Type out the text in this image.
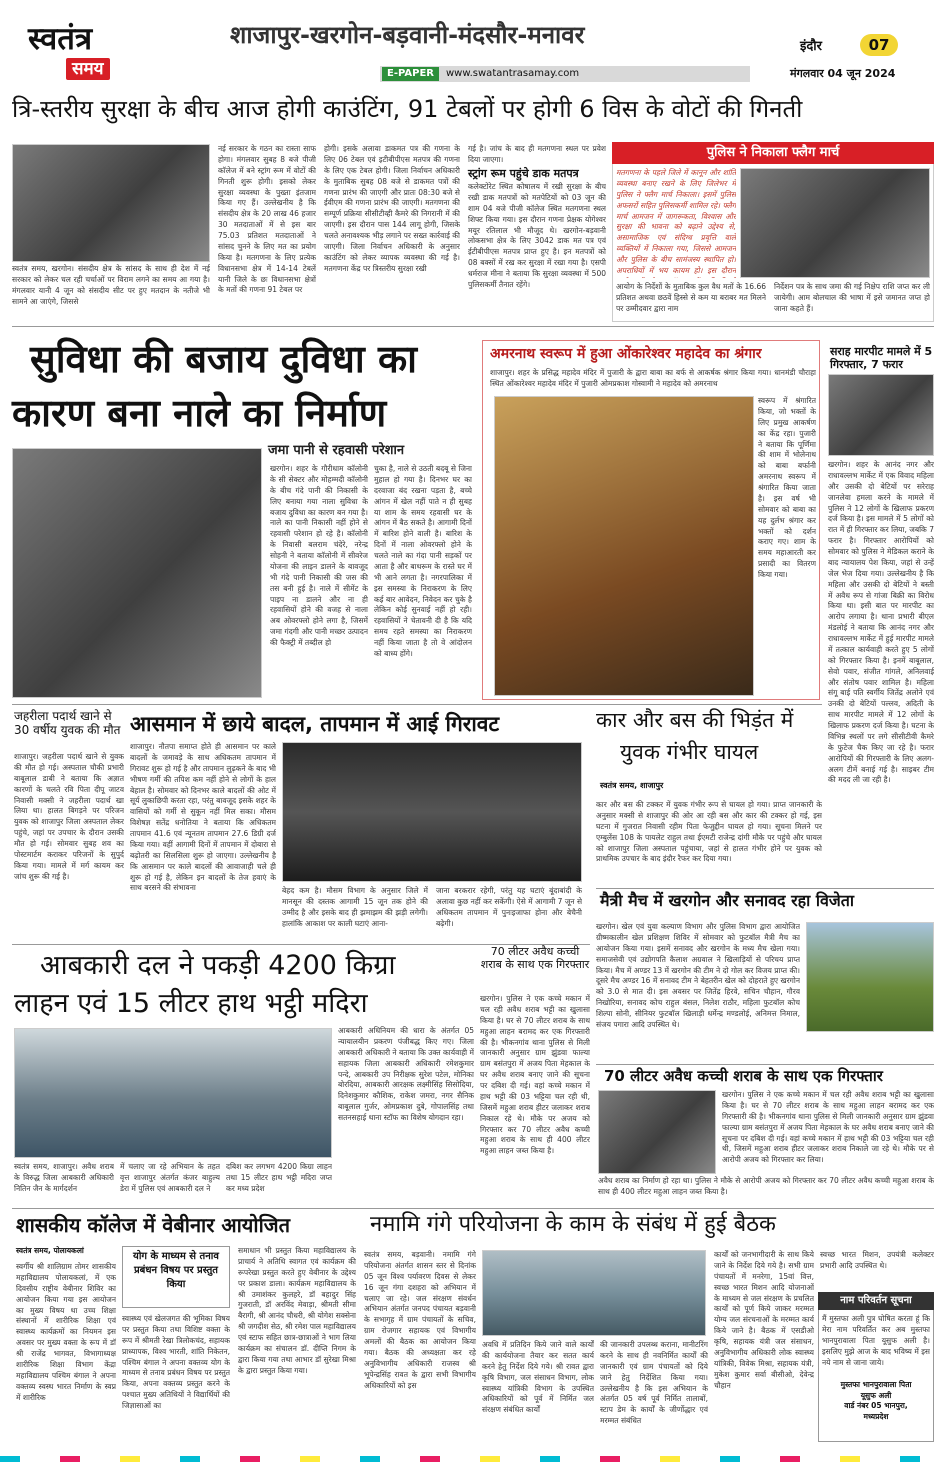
स्वतंत्र
समय
शाजापुर-खरगोन-बड़वानी-मंदसौर-मनावर	इंदौर	07
E-PAPER	www.swatantrasamay.com	मंगलवार 04 जून 2024
त्रि-स्तरीय सुरक्षा के बीच आज होगी काउंटिंग, 91 टेबलों पर होगी 6 विस के वोटों की गिनती
स्वतंत्र समय, खरगोन। संसदीय क्षेत्र के सांसद के साथ ही देश में नई सरकार को लेकर चल रही चर्चाओं पर विराम लगने का समय आ गया है। मंगलवार यानी 4 जून को संसदीय सीट पर हुए मतदान के नतीजे भी सामने आ जाएंगे, जिससे
नई सरकार के गठन का रास्ता साफ होगा। मंगलवार सुबह 8 बजे पीजी कॉलेज में बने स्ट्रांग रूम में वोटों की गिनती शुरू होगी। इसको लेकर सुरक्षा व्यवस्था के पुख्ता इंतजाम किया गए हैं। उल्लेखनीय है कि संसदीय क्षेत्र के 20 लाख 46 हजार 30 मतदाताओं में से इस बार 75.03 प्रतिशत मतदाताओं ने सांसद चुनने के लिए मत का प्रयोग किया है। मतगणना के लिए प्रत्येक विधानसभा क्षेत्र में 14-14 टेबलें यानी जिले के छः विधानसभा क्षेत्रों के मतों की गणना 91 टेबल पर
होगी। इसके अलावा डाकमत पत्र की गणना के लिए 06 टेबल एवं इटीबीपीएस मतपत्र की गणना के लिए एक टेबल होगी। जिला निर्वाचन अधिकारी के मुताबिक सुबह 08 बजे से डाकमत पत्रों की गणना प्रारंभ की जाएगी और प्रातः 08:30 बजे से ईवीएम की गणना प्रारंभ की जाएगी। मतगणना की सम्पूर्ण प्रक्रिया सीसीटीव्ही कैमरे की निगरानी में की जाएगी। इस दौरान पास 144 लागू होगी, जिसके चलते अनावश्यक भीड़ लगाने पर सख्त कार्रवाई की जाएगी। जिला निर्वाचन अधिकारी के अनुसार काउंटिंग को लेकर व्यापक व्यवस्था की गई है। मतगणना केंद्र पर त्रिस्तरीय सुरक्षा रखी
गई है। जांच के बाद ही मतगणना स्थल पर प्रवेश दिया जाएगा।
स्ट्रांग रूम पहुंचे डाक मतपत्र
कलेक्टोरेट स्थित कोषालय में रखी सुरक्षा के बीच रखी डाक मतपत्रों को मतपेटियों को 03 जून की शाम 04 बजे पीजी कॉलेज स्थित मतगणना स्थल शिफ्ट किया गया। इस दौरान गणना प्रेक्षक योगेश्वर मयूर रतिलाल भी मौजूद थे। खरगोन-बड़वानी लोकसभा क्षेत्र के लिए 3042 डाक मत पत्र एवं ईटीबीपीएस मतपत्र प्राप्त हुए है। इन मतपत्रों को 08 बक्सों में रख कर सुरक्षा में रखा गया है। एसपी धर्मराज मीना ने बताया कि सुरक्षा व्यवस्था में 500 पुलिसकर्मी तैनात रहेंगे।
पुलिस ने निकाला फ्लैग मार्च
मतगणना के पहले जिले में कानून और शांति व्यवस्था बनाए रखने के लिए जिलेभर में पुलिस ने फ्लैग मार्च निकाला। इसमें पुलिस अफसरों सहित पुलिसकर्मी शामिल रहे। फ्लैग मार्च आमजन में जागरूकता, विश्वास और सुरक्षा की भावना को बढ़ाने उद्देश्य से, असामाजिक एवं संदिग्ध प्रवृत्ति वाले व्यक्तियों में निकाला गया, जिससे आमजन और पुलिस के बीच सामंजस्य स्थापित हो। अपराधियों में भय कायम हो। इस दौरान
आयोग के निर्देशों के मुताबिक कुल वैध मतों के 16.66 प्रतिशत अथवा छठवें हिस्से से कम या बराबर मत मिलने पर उम्मीदवार द्वारा नाम
निर्देशन पत्र के साथ जमा की गई निक्षेप राशि जप्त कर ली जायेगी। आम बोलचाल की भाषा में इसे जमानत जप्त हो जाना कहते हैं।
सुविधा की बजाय दुविधा का
कारण बना नाले का निर्माण
जमा पानी से रहवासी परेशान
खरगोन। शहर के गौरीधाम कॉलोनी के सी सेक्टर और मोहम्मदी कॉलोनी के बीच गंदे पानी की निकासी के लिए बनाया गया नाला सुविधा के बजाय दुविधा का कारण बन गया है। नाले का पानी निकासी नहीं होने से रहवासी परेशान हो रहे है। कॉलोनी के निवासी बलराम चंदेरे, नरेन्द्र सोहनी ने बताया कॉलोनी में सीवरेज योजना की लाइन डालने के बावजूद भी गंदे पानी निकासी की जस की तस बनी हुई है। नाले में सीमेंट के पाइप ना डालने और ना ही रहवासियों होने की वजह से नाला अब ओवरफ्लो होने लगा है, जिसमें जमा गंदगी और पानी मच्छर उत्पादन की फैक्ट्री में तब्दील हो
चुका है, नाले से उठती बदबू से जिना मुहाल हो गया है। दिनभर घर का दरवाजा बंद रखना पड़ता है, बच्चे आंगन में खेल नहीं पाते न ही सुबह या शाम के समय रहवासी घर के आंगन में बैठ सकते है। आगामी दिनों में बारिश होने वाली है। बारिश के दिनों में नाला ओवरफ्लो होने के चलते नाले का गंदा पानी सड़कों पर आता है और बाथरूम के रास्ते घर में भी आने लगता है। नगरपालिका में इस समस्या के निराकरण के लिए कई बार आवेदन, निवेदन कर चुके है लेकिन कोई सुनवाई नहीं हो रही। रहवासियों ने चेतावनी दी है कि यदि समय रहते समस्या का निराकरण नहीं किया जाता है तो वे आंदोलन को बाध्य होंगे।
अमरनाथ स्वरूप में हुआ ओंकारेश्वर महादेव का श्रंगार
शाजापुर। शहर के प्रसिद्ध महादेव मंदिर में पुजारी के द्वारा बाबा का बर्फ से आकर्षक श्रंगार किया गया। धानमंडी चौराहा स्थित ओंकारेश्वर महादेव मंदिर में पुजारी ओमप्रकाश गोस्वामी ने महादेव को अमरनाथ
स्वरूप में श्रंगारित किया, जो भक्तों के लिए प्रमुख आकर्षण का केंद्र रहा। पुजारी ने बताया कि पूर्णिमा की शाम में भोलेनाथ को बाबा बर्फानी अमरनाथ स्वरूप में श्रंगारित किया जाता है। इस वर्ष भी सोमवार को बाबा का यह दुर्लभ श्रंगार कर भक्तों को दर्शन कराए गए। शाम के समय महाआरती कर प्रसादी का वितरण किया गया।
सराह मारपीट मामले में 5 गिरफ्तार, 7 फरार
खरगोन। शहर के आनंद नगर और राधावल्लभ मार्केट में एक विवाद महिला और उसकी दो बेटियों पर सरेराह जानलेवा हमला करने के मामले में पुलिस ने 12 लोगों के खिलाफ प्रकरण दर्ज किया है। इस मामले में 5 लोगों को रात में ही गिरफ्तार कर लिया, जबकि 7 फरार है। गिरफ्तार आरोपियों को सोमवार को पुलिस ने मेडिकल कराने के बाद न्यायालय पेश किया, जहां से उन्हें जेल भेज दिया गया। उल्लेखनीय है कि महिला और उसकी दो बेटियों ने बस्ती में अवैध रूप से गांजा बिक्री का विरोध किया था। इसी बात पर मारपीट का आरोप लगाया है। थाना प्रभारी बीएल मंडलोई ने बताया कि आनंद नगर और राधावल्लभ मार्केट में हुई मारपीट मामले में तत्काल कार्यवाही करते हुए 5 लोगों को गिरफ्तार किया है। इनमें बाबूलाल, सेवो पवार, संजीत गांगले, अनिलवाई और संतोष पवार शामिल है। महिला संगू बाई पति स्वर्गीय जितेंद्र अलोने एवं उनकी दो बेटियों पल्लव, अदिती के साथ मारपीट मामले में 12 लोगों के खिलाफ प्रकरण दर्ज किया है। घटना के विभिन्न स्थलों पर लगे सीसीटीवी कैमरे के फुटेज चैक किए जा रहे है। फरार आरोपियों की गिरफ्तारी के लिए अलग-अलग टीमें बनाई गई है। साइबर टीम की मदद ली जा रही है।
जहरीला पदार्थ खाने से 30 वर्षीय युवक की मौत
शाजापुर। जहरीला पदार्थ खाने से युवक की मौत हो गई। अस्पताल चौकी प्रभारी बाबूलाल डाबी ने बताया कि अज्ञात कारणों के चलते रवि पिता दीपू जाटव निवासी मक्सी ने जहरीला पदार्थ खा लिया था। हालत बिगड़ने पर परिजन युवक को शाजापुर जिला अस्पताल लेकर पहुंचे, जहां पर उपचार के दौरान उसकी मौत हो गई। सोमवार सुबह शव का पोस्टमार्टम कराकर परिजनों के सुपुर्द किया गया। मामले में मर्ग कायम कर जांच शुरू की गई है।
आसमान में छाये बादल, तापमान में आई गिरावट
शाजापुर। नौतपा समाप्त होते ही आसमान पर काले बादलों के जमावड़े के साथ अधिकतम तापमान में गिरावट शुरू हो गई है और तापमान लुढ़कने के बाद भी भीषण गर्मी की तपिश कम नहीं होने से लोगों के हाल बेहाल है। सोमवार को दिनभर काले बादलों की ओट में सूर्य लुकाछिपी करता रहा, परंतु बावजूद इसके शहर के वासियों को गर्मी से सुकून नहीं मिल सका। मौसम विशेषज्ञ सतेंद्र धनोतिया ने बताया कि अधिकतम तापमान 41.6 एवं न्यूनतम तापमान 27.6 डिग्री दर्ज किया गया। वहीं आगामी दिनों में तापमान में दोबारा से बढ़ोतरी का सिलसिला शुरू हो जाएगा। उल्लेखनीय है कि आसमान पर काले बादलों की आवाजाही चले ही शुरू हो गई है, लेकिन इन बादलों के तेज हवाएं के साथ बरसने की संभावना	बेहद कम है। मौसम विभाग के अनुसार जिले में मानसून की दस्तक आगामी 15 जून तक होने की उम्मीद है और इसके बाद ही झमाझम की झड़ी लगेगी। हालांकि आकाश पर काली घटाएं आना-
जाना बरकरार रहेगी, परंतु यह घटाएं बूंदाबांदी के अलावा कुछ नहीं कर सकेंगी। ऐसे में आगामी 7 जून से अधिकतम तापमान में पुनःइजाफा होना और बेचैनी बढ़ेगी।
कार और बस की भिड़ंत में
युवक गंभीर घायल
स्वतंत्र समय, शाजापुर
कार और बस की टक्कर में युवक गंभीर रूप से घायल हो गया। प्राप्त जानकारी के अनुसार मक्सी से शाजापुर की ओर आ रही बस और कार की टक्कर हो गई, इस घटना में गुजरात निवासी रहीम पिता फेजुद्दीन घायल हो गया। सूचना मिलने पर एम्बुलेंस 108 के पायलेट राहुल तथा ईएमटी राजेन्द्र दांगी मौके पर पहुंचे और घायल को शाजापुर जिला अस्पताल पहुंचाया, जहां से हालत गंभीर होने पर युवक को प्राथमिक उपचार के बाद इंदौर रैफर कर दिया गया।
मैत्री मैच में खरगोन और सनावद रहा विजेता
खरगोन। खेल एवं युवा कल्याण विभाग और पुलिस विभाग द्वारा आयोजित ग्रीष्मकालीन खेल प्रशिक्षण शिविर में सोमवार को फुटबॉल मैत्री मैच का आयोजन किया गया। इसमें सनावद और खरगोन के मध्य मैच खेला गया। समाजसेवी एवं उद्योगपति कैलाश अग्रवाल ने खिलाड़ियों से परिचय प्राप्त किया। मैच में अण्डर 13 में खरगोन की टीम ने दो गोल कर विजय प्राप्त की। दूसरे मैच अण्डर 16 में सनावद टीम ने बेहतरीन खेल को दोहराते हुए खरगोन को 3.0 से मात दी। इस अवसर पर जितेंद्र हिरवे, सचिन चौहान, गौरव निखोरिया, सनावद कोच राहुल बंसल, निलेश राठौर, महिला फुटबॉल कोच शिल्पा सोनी, सीनियर फुटबॉल खिलाड़ी धर्मेन्द्र मण्डलोई, अनिमत्त निमाल, संजय पगारा आदि उपस्थित थे।
आबकारी दल ने पकड़ी 4200 किग्रा
लाहन एवं 15 लीटर हाथ भट्ठी मदिरा
आबकारी अधिनियम की धारा के अंतर्गत 05 न्यायालयीन प्रकरण पंजीबद्ध किए गए। जिला आबकारी अधिकारी ने बताया कि उक्त कार्यवाही में सहायक जिला आबकारी अधिकारी रमेशकुमार पन्दे, आबकारी उप निरीक्षक सुरेश पटेल, मोनिका बोरदिया, आबकारी आरक्षक लक्ष्मीसिंह सिसोदिया, दिनेशकुमार कौशिक, राकेश जमरा, नगर सैनिक बाबूलाल गुर्जर, ओमप्रकाश दुबे, गोपालसिंह तथा सतनसहाई थाना स्टॉफ का विशेष योगदान रहा।
स्वतंत्र समय, शाजापुर। अवैध शराब के विरुद्ध जिला आबकारी अधिकारी नितिन जैन के मार्गदर्शन
में चलाए जा रहे अभियान के तहत वृत्त शाजापुर अंतर्गत कंजर बाहुल्य डेरा में पुलिस एवं आबकारी दल ने
दबिश कर लगभग 4200 किग्रा लाहन तथा 15 लीटर हाथ भट्ठी मदिरा जप्त कर मध्य प्रदेश
70 लीटर अवैध कच्ची शराब के साथ एक गिरफ्तार
खरगोन। पुलिस ने एक कच्चे मकान में चल रही अवैध शराब भट्टी का खुलासा किया है। घर से 70 लीटर शराब के साथ महुआ लाहन बरामद कर एक गिरफ्तारी की है। भीकनगांव थाना पुलिस से मिली जानकारी अनुसार ग्राम झुंडवा फाल्या ग्राम बसंतपुरा में अजय पिता मेहकाल के घर अवैध शराब बनाए जाने की सूचना पर दबिश दी गई। वहां कच्चे मकान में हाथ भट्टी की 03 भट्टिया चल रही थी, जिसमें महुआ शराब हीटर जलाकर शराब निकाल रहे थे। मौके पर अजय को गिरफ्तार कर 70 लीटर अवैध कच्ची महुआ शराब के साथ ही 400 लीटर महुआ लाहन जब्त किया है।
70 लीटर अवैध कच्ची शराब के साथ एक गिरफ्तार
खरगोन। पुलिस ने एक कच्चे मकान में चल रही अवैध शराब भट्टी का खुलासा किया है। घर से 70 लीटर शराब के साथ महुआ लाहन बरामद कर एक गिरफ्तारी की है। भीकनगांव थाना पुलिस से मिली जानकारी अनुसार ग्राम झुंडवा फाल्या ग्राम बसंतपुरा में अजय पिता मेहकाल के घर अवैध शराब बनाए जाने की सूचना पर दबिश दी गई। वहां कच्चे मकान में हाथ भट्टी की 03 भट्टिया चल रही थी, जिसमें महुआ शराब हीटर जलाकर शराब निकाले जा रहे थे। मौके पर से आरोपी अजय को गिरफ्तार कर लिया।
अवैध शराब का निर्माण हो रहा था। पुलिस ने मौके से आरोपी अजय को गिरफ्तार कर 70 लीटर अवैध कच्ची महुआ शराब के साथ ही 400 लीटर महुआ लाहन जब्त किया है।
शासकीय कॉलेज में वेबीनार आयोजित
स्वतंत्र समय, पोलायकलां
स्वर्गीय श्री शालिग्राम तोमर शासकीय महाविद्यालय पोलायकलां, में एक दिवसीय राष्ट्रीय वेबीनार शिविर का आयोजन किया गया इस आयोजन का मुख्य विषय था उच्च शिक्षा संस्थानों में शारीरिक शिक्षा एवं स्वास्थ्य कार्यक्रमों का नियमन इस अवसर पर मुख्य वक्ता के रूप में डॉ श्री राजेंद्र भागवत, विभागाध्यक्ष शारीरिक शिक्षा विभाग केंद्रा महाविद्यालय पश्चिम बंगाल ने अपना वक्तव्य स्वस्थ भारत निर्माण के स्वप्न में शारीरिक
योग के माध्यम से तनाव प्रबंधन विषय पर प्रस्तुत किया
स्वास्थ्य एवं खेलजगत की भूमिका विषय पर प्रस्तुत किया तथा विशिष्ट वक्ता के रूप में श्रीमती रेखा त्रिलोकचंद, सहायक प्राध्यापक, विश्व भारती, शांति निकेतन, पश्चिम बंगाल ने अपना वक्तव्य योग के माध्यम से तनाव प्रबंधन विषय पर प्रस्तुत किया, अपना वक्तव्य प्रस्तुत करने के पश्चात मुख्य अतिथियों ने विद्यार्थियों की जिज्ञासाओं का
समाधान भी प्रस्तुत किया महाविद्यालय के प्राचार्य ने अतिथि स्वागत एवं कार्यक्रम की रूपरेखा प्रस्तुत करते हुए वेबीनार के उद्देश्य पर प्रकाश डाला। कार्यक्रम महाविद्यालय के श्री उमाशंकर कुलहरे, डॉ बहादुर सिंह गुजराती, डॉ अरविंद मेवाड़ा, श्रीमती सीमा बैरागी, श्री आनंद चौधरी, श्री योगेश सक्सेना श्री जगदीश सेठ, श्री रमेश पाल महाविद्यालय एवं स्टाफ सहित छात्र-छात्राओं ने भाग लिया कार्यक्रम का संचालन डॉ. दीप्ति निगम के द्वारा किया गया तथा आभार डॉ सुरेखा मिश्रा के द्वारा प्रस्तुत किया गया।
नमामि गंगे परियोजना के काम के संबंध में हुई बैठक
स्वतंत्र समय, बड़वानी। नमामि गंगे परियोजना अंतर्गत शासन स्तर से दिनांक 05 जून विश्व पर्यावरण दिवस से लेकर 16 जून गंगा दशहरा को अभियान में चलाए जा रहे। जल संरक्षण संवर्धन अभियान अंतर्गत जनपद पंचायत बड़वानी के सभागृह में ग्राम पंचायतों के सचिव, ग्राम रोजगार सहायक एवं विभागीय अमलों की बैठक का आयोजन किया गया। बैठक की अध्यक्षता कर रहे अनुविभागीय अधिकारी राजस्व श्री भूपेन्द्रसिंह रावत के द्वारा सभी विभागीय अधिकारियों को इस
अवधि में प्रतिदिन किये जाने वाले कार्यों की कार्ययोजना तैयार कर सतत कार्य करने हेतु निर्देश दिये गये। श्री रावत द्वारा कृषि विभाग, जल संसाधन विभाग, लोक स्वास्थ्य यांत्रिकी विभाग के उपस्थित अधिकारियों को पूर्व में निर्मित जल संरक्षण संबंधित कार्यों
की जानकारी उपलब्ध कराना, मानीटरिंग करने के साथ ही नवनिर्मित कार्यों की जानकारी एवं ग्राम पंचायतों को दिये जाने हेतु निर्देशित किया गया। उल्लेखनीय है कि इस अभियान के अंतर्गत 05 वर्ष पूर्व निर्मित तालाबों, स्टाप डेम के कार्यों के जीर्णोद्धार एवं मरम्मत संबंधित
कार्यों को जनभागीदारी के साथ किये जाने के निर्देश दिये गये है। सभी ग्राम पंचायतों में मनरेगा, 15वां वित्त, स्वच्छ भारत मिशन आदि योजनाओं के माध्यम से जल संरक्षण के प्रचलित कार्यों को पूर्ण किये जाकर मरम्मत योग्य जल संरचनाओं के मरम्मत कार्य किये जाने है। बैठक में एसडीओ कृषि, सहायक यंत्री जल संसाधन, अनुविभागीय अधिकारी लोक स्वास्थ्य यांत्रिकी, विवेक मिश्रा, सहायक यंत्री, मुकेश कुमार सर्वा बीसीओ, देवेन्द्र चौहान
स्वच्छ भारत मिशन, उपयंत्री कलेक्टर प्रभारी आदि उपस्थित थे।
नाम परिवर्तन सूचना
मैं मुस्तफा अली पुत्र घोषित करता हूं कि मेरा नाम परिवर्तित कर अब मुस्तफा भानपुरावाला पिता यूसुफ अली है। इसलिए मुझे आज के बाद भविष्य में इस नये नाम से जाना जाये।
मुस्तफा भानपुरावाला पिता
यूसुफ अली
वार्ड नंबर 05 भानपुरा,
मध्यप्रदेश
